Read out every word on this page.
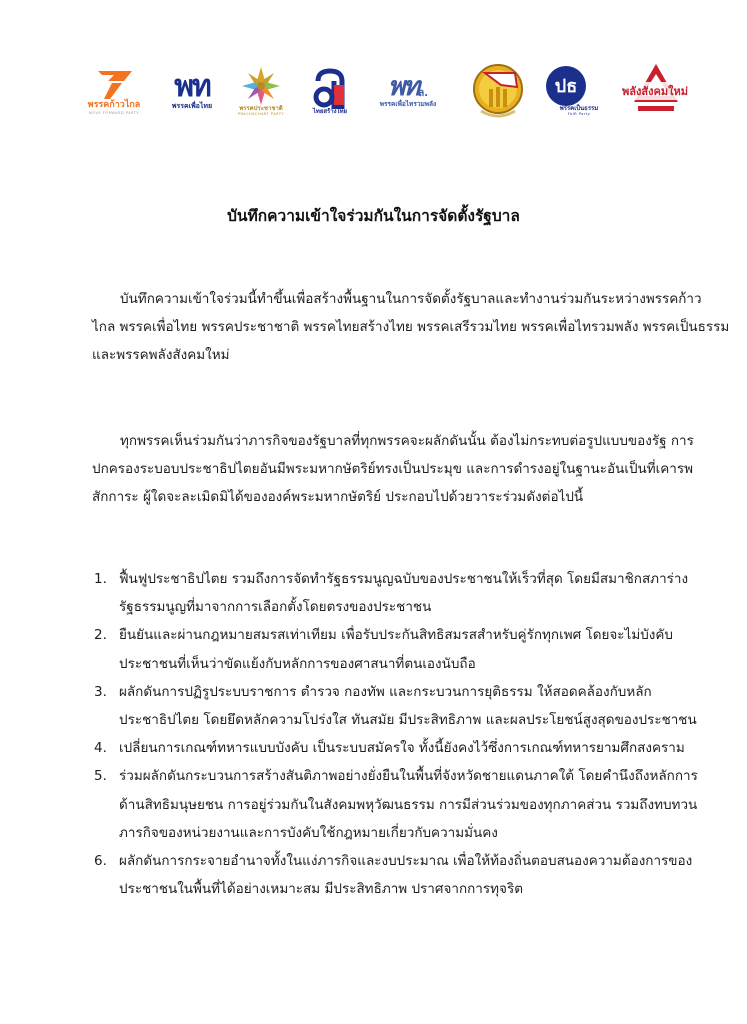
พรรคก้าวไกล
MOVE FORWARD PARTY
พท
พรรคเพื่อไทย	พรรคประชาชาติ
PRACHACHART PARTY	ไทยสร้างไทย
พท ล.
พรรคเพื่อไทรวมพลัง
ปธ
พรรคเป็นธรรม
FAIR Party
พลังสังคมใหม่
บันทึกความเข้าใจร่วมกันในการจัดตั้งรัฐบาล
บันทึกความเข้าใจร่วมนี้ทำขึ้นเพื่อสร้างพื้นฐานในการจัดตั้งรัฐบาลและทำงานร่วมกันระหว่างพรรคก้าว
ไกล พรรคเพื่อไทย พรรคประชาชาติ พรรคไทยสร้างไทย พรรคเสรีรวมไทย พรรคเพื่อไทรวมพลัง พรรคเป็นธรรม
และพรรคพลังสังคมใหม่
ทุกพรรคเห็นร่วมกันว่าภารกิจของรัฐบาลที่ทุกพรรคจะผลักดันนั้น ต้องไม่กระทบต่อรูปแบบของรัฐ การ
ปกครองระบอบประชาธิปไตยอันมีพระมหากษัตริย์ทรงเป็นประมุข และการดำรงอยู่ในฐานะอันเป็นที่เคารพ
สักการะ ผู้ใดจะละเมิดมิได้ขององค์พระมหากษัตริย์ ประกอบไปด้วยวาระร่วมดังต่อไปนี้
1. ฟื้นฟูประชาธิปไตย รวมถึงการจัดทำรัฐธรรมนูญฉบับของประชาชนให้เร็วที่สุด โดยมีสมาชิกสภาร่าง
รัฐธรรมนูญที่มาจากการเลือกตั้งโดยตรงของประชาชน
2. ยืนยันและผ่านกฎหมายสมรสเท่าเทียม เพื่อรับประกันสิทธิสมรสสำหรับคู่รักทุกเพศ โดยจะไม่บังคับ
ประชาชนที่เห็นว่าขัดแย้งกับหลักการของศาสนาที่ตนเองนับถือ
3. ผลักดันการปฏิรูประบบราชการ ตำรวจ กองทัพ และกระบวนการยุติธรรม ให้สอดคล้องกับหลัก
ประชาธิปไตย โดยยึดหลักความโปร่งใส ทันสมัย มีประสิทธิภาพ และผลประโยชน์สูงสุดของประชาชน
4. เปลี่ยนการเกณฑ์ทหารแบบบังคับ เป็นระบบสมัครใจ ทั้งนี้ยังคงไว้ซึ่งการเกณฑ์ทหารยามศึกสงคราม
5. ร่วมผลักดันกระบวนการสร้างสันติภาพอย่างยั่งยืนในพื้นที่จังหวัดชายแดนภาคใต้ โดยคำนึงถึงหลักการ
ด้านสิทธิมนุษยชน การอยู่ร่วมกันในสังคมพหุวัฒนธรรม การมีส่วนร่วมของทุกภาคส่วน รวมถึงทบทวน
ภารกิจของหน่วยงานและการบังคับใช้กฎหมายเกี่ยวกับความมั่นคง
6. ผลักดันการกระจายอำนาจทั้งในแง่ภารกิจและงบประมาณ เพื่อให้ท้องถิ่นตอบสนองความต้องการของ
ประชาชนในพื้นที่ได้อย่างเหมาะสม มีประสิทธิภาพ ปราศจากการทุจริต
